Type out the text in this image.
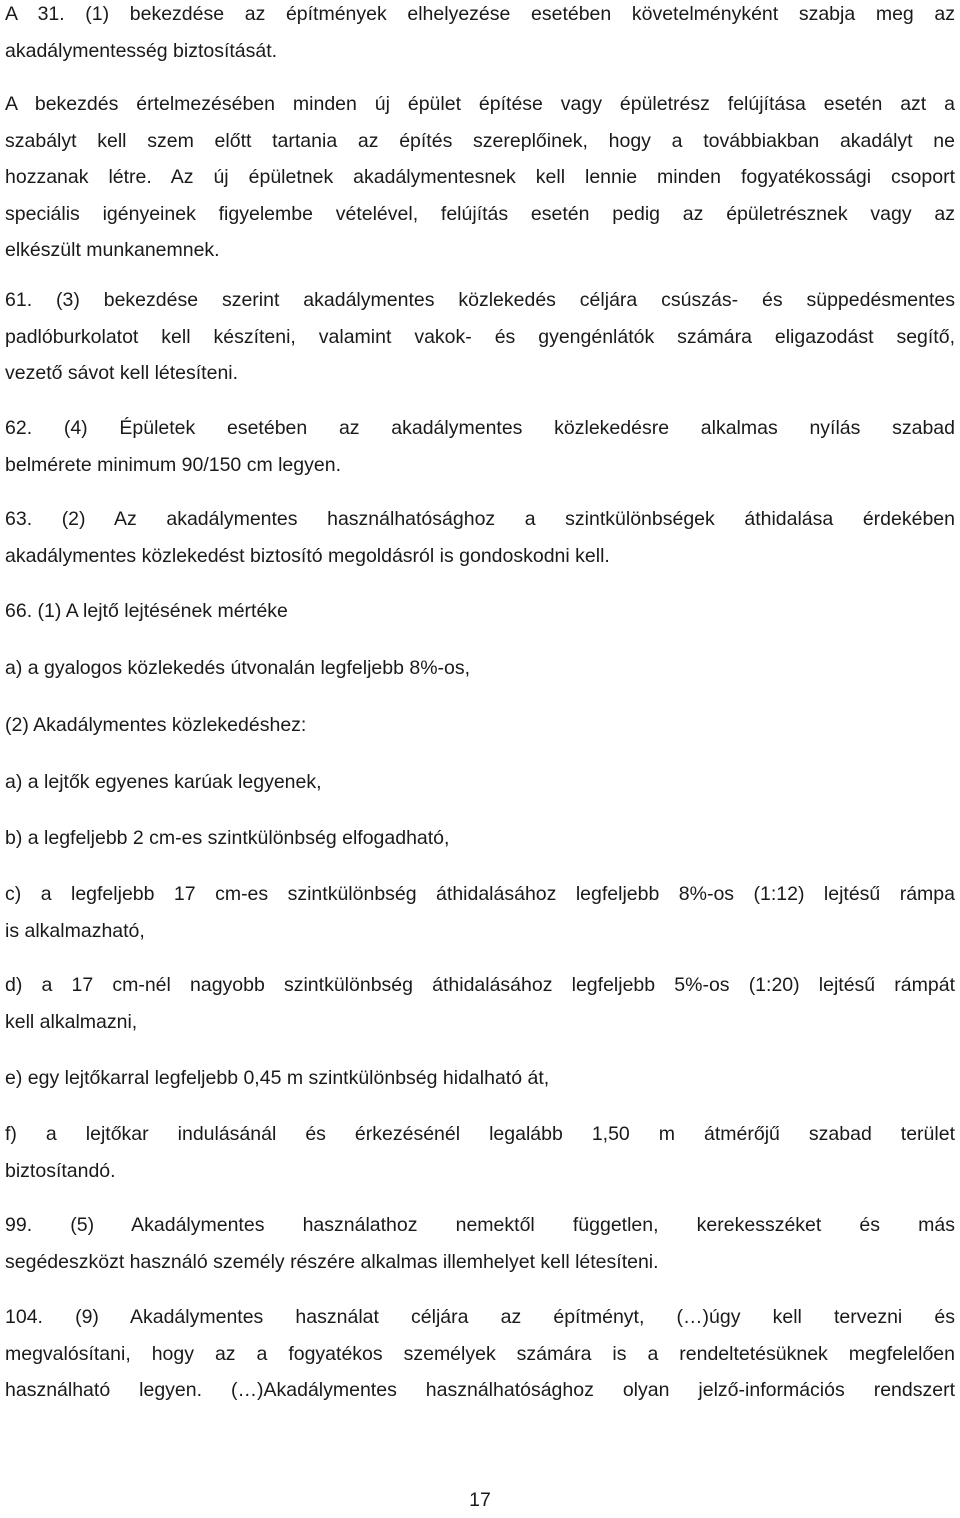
A 31. (1) bekezdése az építmények elhelyezése esetében követelményként szabja meg az
akadálymentesség biztosítását.

A bekezdés értelmezésében minden új épület építése vagy épületrész felújítása esetén azt a
szabályt kell szem előtt tartania az építés szereplőinek, hogy a továbbiakban akadályt ne
hozzanak létre. Az új épületnek akadálymentesnek kell lennie minden fogyatékossági csoport
speciális igényeinek figyelembe vételével, felújítás esetén pedig az épületrésznek vagy az
elkészült munkanemnek.

61. (3) bekezdése szerint akadálymentes közlekedés céljára csúszás- és süppedésmentes
padlóburkolatot kell készíteni, valamint vakok- és gyengénlátók számára eligazodást segítő,
vezető sávot kell létesíteni.

62. (4) Épületek esetében az akadálymentes közlekedésre alkalmas nyílás szabad
belmérete minimum 90/150 cm legyen.

63. (2) Az akadálymentes használhatósághoz a szintkülönbségek áthidalása érdekében
akadálymentes közlekedést biztosító megoldásról is gondoskodni kell.

66. (1) A lejtő lejtésének mértéke

a) a gyalogos közlekedés útvonalán legfeljebb 8%-os,

(2) Akadálymentes közlekedéshez:

a) a lejtők egyenes karúak legyenek,

b) a legfeljebb 2 cm-es szintkülönbség elfogadható,

c) a legfeljebb 17 cm-es szintkülönbség áthidalásához legfeljebb 8%-os (1:12) lejtésű rámpa
is alkalmazható,

d) a 17 cm-nél nagyobb szintkülönbség áthidalásához legfeljebb 5%-os (1:20) lejtésű rámpát
kell alkalmazni,

e) egy lejtőkarral legfeljebb 0,45 m szintkülönbség hidalható át,

f) a lejtőkar indulásánál és érkezésénél legalább 1,50 m átmérőjű szabad terület
biztosítandó.

99. (5) Akadálymentes használathoz nemektől független, kerekesszéket és más
segédeszközt használó személy részére alkalmas illemhelyet kell létesíteni.

104. (9) Akadálymentes használat céljára az építményt, (…)úgy kell tervezni és
megvalósítani, hogy az a fogyatékos személyek számára is a rendeltetésüknek megfelelően
használható legyen. (…)Akadálymentes használhatósághoz olyan jelző-információs rendszert

17
